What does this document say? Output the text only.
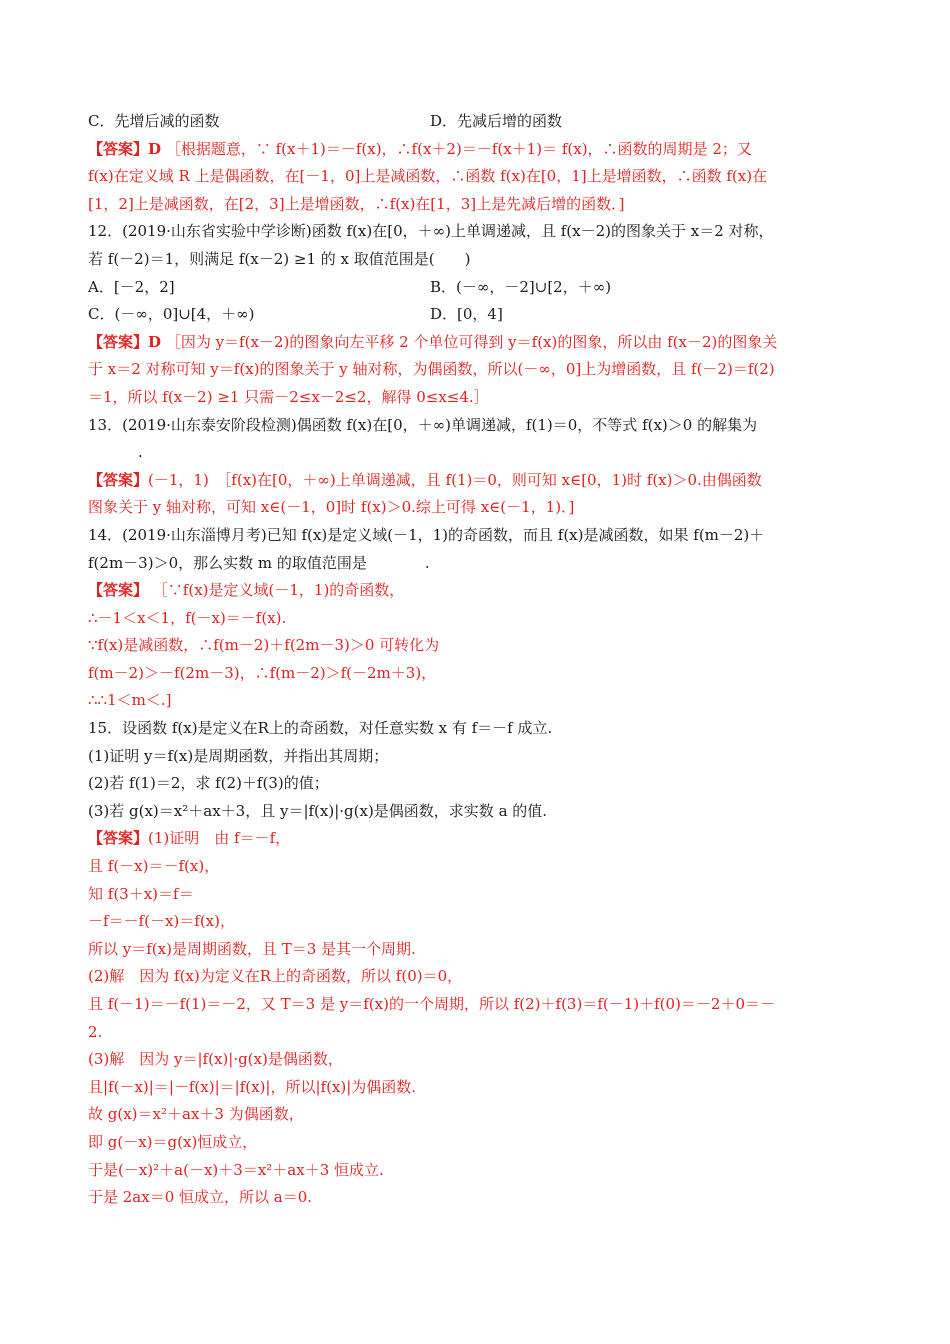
C．先增后减的函数	D．先减后增的函数
【答案】D ［根据题意，∵ f(x＋1)＝－f(x)，∴f(x＋2)＝－f(x＋1)＝ f(x)，∴函数的周期是 2；又
f(x)在定义域 R 上是偶函数，在[－1，0]上是减函数，∴函数 f(x)在[0，1]上是增函数，∴函数 f(x)在
[1，2]上是减函数，在[2，3]上是增函数，∴f(x)在[1，3]上是先减后增的函数．]
12．(2019·山东省实验中学诊断)函数 f(x)在[0，＋∞)上单调递减，且 f(x－2)的图象关于 x＝2 对称，
若 f(－2)＝1，则满足 f(x－2) ≥1 的 x 取值范围是(　　)
A．[－2，2]	B．(－∞，－2]∪[2，＋∞)
C．(－∞，0]∪[4，＋∞)	D．[0，4]
【答案】D ［因为 y＝f(x－2)的图象向左平移 2 个单位可得到 y＝f(x)的图象，所以由 f(x－2)的图象关
于 x＝2 对称可知 y＝f(x)的图象关于 y 轴对称，为偶函数，所以(－∞，0]上为增函数，且 f(－2)＝f(2)
＝1，所以 f(x－2) ≥1 只需－2≤x－2≤2，解得 0≤x≤4.］
13．(2019·山东泰安阶段检测)偶函数 f(x)在[0，＋∞)单调递减，f(1)＝0，不等式 f(x)＞0 的解集为
.
【答案】(－1，1)　［f(x)在[0，＋∞)上单调递减，且 f(1)＝0，则可知 x∈[0，1)时 f(x)＞0.由偶函数
图象关于 y 轴对称，可知 x∈(－1，0]时 f(x)＞0.综上可得 x∈(－1，1)．]
14．(2019·山东淄博月考)已知 f(x)是定义域(－1，1)的奇函数，而且 f(x)是减函数，如果 f(m－2)＋
f(2m－3)＞0，那么实数 m 的取值范围是	.
【答案】 ［∵f(x)是定义域(－1，1)的奇函数，
∴－1＜x＜1，f(－x)＝－f(x).
∵f(x)是减函数，∴f(m－2)＋f(2m－3)＞0 可转化为
f(m－2)＞－f(2m－3)，∴f(m－2)＞f(－2m＋3)，
∴∴1＜m＜.]
15．设函数 f(x)是定义在R上的奇函数，对任意实数 x 有 f＝－f 成立.
(1)证明 y＝f(x)是周期函数，并指出其周期；
(2)若 f(1)＝2，求 f(2)＋f(3)的值；
(3)若 g(x)＝x²＋ax＋3，且 y＝|f(x)|·g(x)是偶函数，求实数 a 的值.
【答案】(1)证明　由 f＝－f，
且 f(－x)＝－f(x)，
知 f(3＋x)＝f＝
－f＝－f(－x)＝f(x)，
所以 y＝f(x)是周期函数，且 T＝3 是其一个周期.
(2)解　因为 f(x)为定义在R上的奇函数，所以 f(0)＝0，
且 f(－1)＝－f(1)＝－2，又 T＝3 是 y＝f(x)的一个周期，所以 f(2)＋f(3)＝f(－1)＋f(0)＝－2＋0＝－
2.
(3)解　因为 y＝|f(x)|·g(x)是偶函数，
且|f(－x)|＝|－f(x)|＝|f(x)|，所以|f(x)|为偶函数.
故 g(x)＝x²＋ax＋3 为偶函数，
即 g(－x)＝g(x)恒成立，
于是(－x)²＋a(－x)＋3＝x²＋ax＋3 恒成立.
于是 2ax＝0 恒成立，所以 a＝0.
